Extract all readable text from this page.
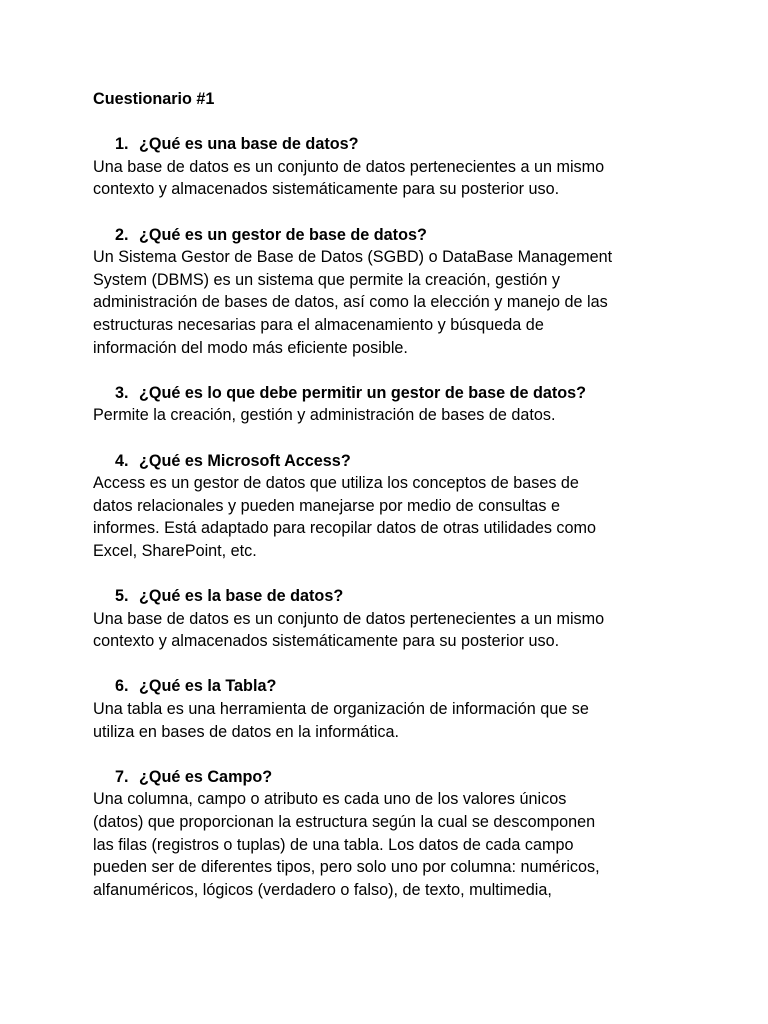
Cuestionario #1

1. ¿Qué es una base de datos?

Una base de datos es un conjunto de datos pertenecientes a un mismo
contexto y almacenados sistemáticamente para su posterior uso.

2. ¿Qué es un gestor de base de datos?

Un Sistema Gestor de Base de Datos (SGBD) o DataBase Management
System (DBMS) es un sistema que permite la creación, gestión y
administración de bases de datos, así como la elección y manejo de las
estructuras necesarias para el almacenamiento y búsqueda de
información del modo más eficiente posible.

3. ¿Qué es lo que debe permitir un gestor de base de datos?

Permite la creación, gestión y administración de bases de datos.

4. ¿Qué es Microsoft Access?

Access es un gestor de datos que utiliza los conceptos de bases de
datos relacionales y pueden manejarse por medio de consultas e
informes. Está adaptado para recopilar datos de otras utilidades como
Excel, SharePoint, etc.

5. ¿Qué es la base de datos?

Una base de datos es un conjunto de datos pertenecientes a un mismo
contexto y almacenados sistemáticamente para su posterior uso.

6. ¿Qué es la Tabla?

Una tabla es una herramienta de organización de información que se
utiliza en bases de datos en la informática.

7. ¿Qué es Campo?

Una columna, campo o atributo es cada uno de los valores únicos
(datos) que proporcionan la estructura según la cual se descomponen
las filas (registros o tuplas) de una tabla. Los datos de cada campo
pueden ser de diferentes tipos, pero solo uno por columna: numéricos,
alfanuméricos, lógicos (verdadero o falso), de texto, multimedia,
